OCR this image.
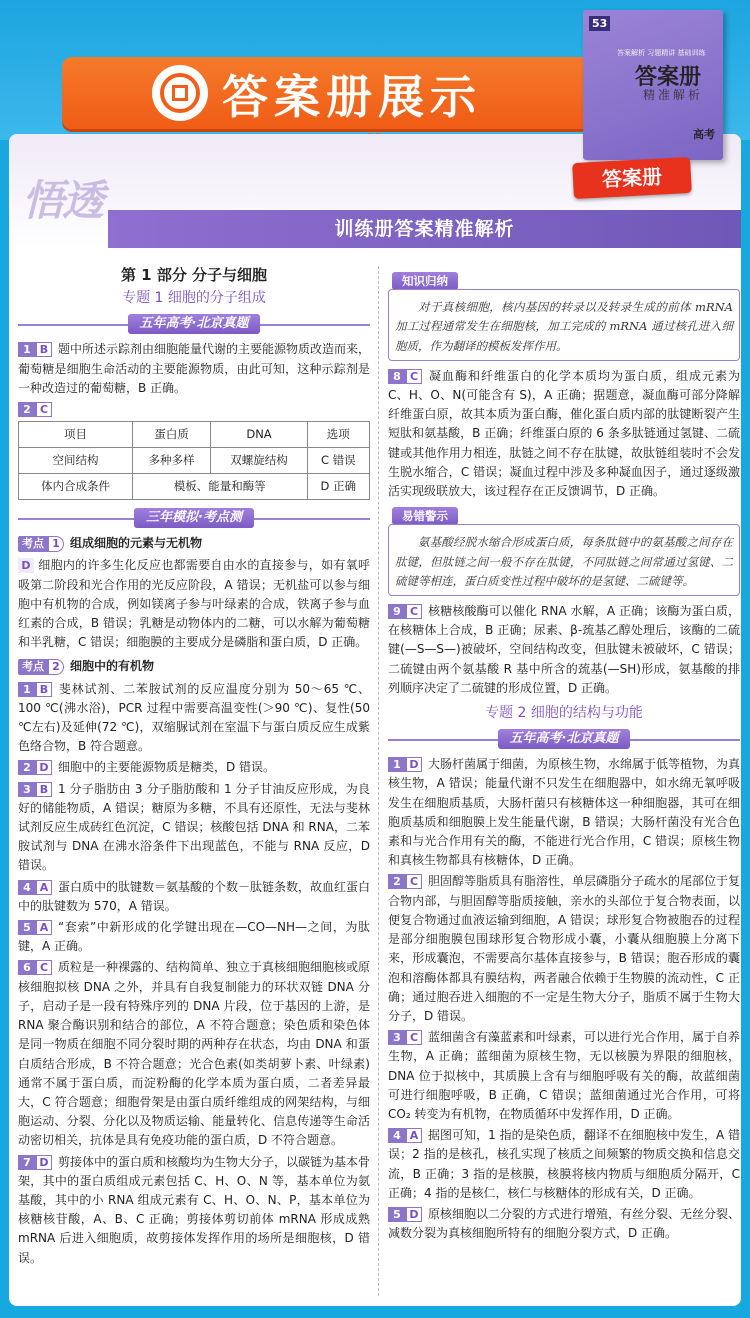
答案册展示
悟透
训练册答案精准解析
53
答案解析 习题精讲 基础训练
答案册
精准解析
高考
答案册
第 1 部分 分子与细胞
专题 1 细胞的分子组成
五年高考·北京真题
1 B 题中所述示踪剂由细胞能量代谢的主要能源物质改造而来，葡萄糖是细胞生命活动的主要能源物质，由此可知，这种示踪剂是一种改造过的葡萄糖，B 正确。
2 C
项目	蛋白质	DNA	选项
空间结构	多种多样	双螺旋结构	C 错误
体内合成条件	模板、能量和酶等		D 正确
三年模拟·考点测
考点 1 组成细胞的元素与无机物
D 细胞内的许多生化反应也都需要自由水的直接参与，如有氧呼吸第二阶段和光合作用的光反应阶段，A 错误；无机盐可以参与细胞中有机物的合成，例如镁离子参与叶绿素的合成，铁离子参与血红素的合成，B 错误；乳糖是动物体内的二糖，可以水解为葡萄糖和半乳糖，C 错误；细胞膜的主要成分是磷脂和蛋白质，D 正确。
考点 2 细胞中的有机物
1 B 斐林试剂、二苯胺试剂的反应温度分别为 50～65 ℃、100 ℃(沸水浴)，PCR 过程中需要高温变性(＞90 ℃)、复性(50 ℃左右)及延伸(72 ℃)，双缩脲试剂在室温下与蛋白质反应生成紫色络合物，B 符合题意。
2 D 细胞中的主要能源物质是糖类，D 错误。
3 B 1 分子脂肪由 3 分子脂肪酸和 1 分子甘油反应形成，为良好的储能物质，A 错误；糖原为多糖，不具有还原性，无法与斐林试剂反应生成砖红色沉淀，C 错误；核酸包括 DNA 和 RNA，二苯胺试剂与 DNA 在沸水浴条件下出现蓝色，不能与 RNA 反应，D 错误。
4 A 蛋白质中的肽键数＝氨基酸的个数－肽链条数，故血红蛋白中的肽键数为 570，A 错误。
5 A “套索”中新形成的化学键出现在—CO—NH—之间，为肽键，A 正确。
6 C 质粒是一种裸露的、结构简单、独立于真核细胞细胞核或原核细胞拟核 DNA 之外，并具有自我复制能力的环状双链 DNA 分子，启动子是一段有特殊序列的 DNA 片段，位于基因的上游，是 RNA 聚合酶识别和结合的部位，A 不符合题意；染色质和染色体是同一物质在细胞不同分裂时期的两种存在状态，均由 DNA 和蛋白质结合形成，B 不符合题意；光合色素(如类胡萝卜素、叶绿素)通常不属于蛋白质，而淀粉酶的化学本质为蛋白质，二者差异最大，C 符合题意；细胞骨架是由蛋白质纤维组成的网架结构，与细胞运动、分裂、分化以及物质运输、能量转化、信息传递等生命活动密切相关，抗体是具有免疫功能的蛋白质，D 不符合题意。
7 D 剪接体中的蛋白质和核酸均为生物大分子，以碳链为基本骨架，其中的蛋白质组成元素包括 C、H、O、N 等，基本单位为氨基酸，其中的小 RNA 组成元素有 C、H、O、N、P，基本单位为核糖核苷酸，A、B、C 正确；剪接体剪切前体 mRNA 形成成熟 mRNA 后进入细胞质，故剪接体发挥作用的场所是细胞核，D 错误。
知识归纳
对于真核细胞，核内基因的转录以及转录生成的前体 mRNA 加工过程通常发生在细胞核，加工完成的 mRNA 通过核孔进入细胞质，作为翻译的模板发挥作用。
8 C 凝血酶和纤维蛋白的化学本质均为蛋白质，组成元素为 C、H、O、N(可能含有 S)，A 正确；据题意，凝血酶可部分降解纤维蛋白原，故其本质为蛋白酶，催化蛋白质内部的肽键断裂产生短肽和氨基酸，B 正确；纤维蛋白原的 6 条多肽链通过氢键、二硫键或其他作用力相连，肽链之间不存在肽键，故肽链组装时不会发生脱水缩合，C 错误；凝血过程中涉及多种凝血因子，通过逐级激活实现级联放大，该过程存在正反馈调节，D 正确。
易错警示
氨基酸经脱水缩合形成蛋白质，每条肽链中的氨基酸之间存在肽键，但肽链之间一般不存在肽键，不同肽链之间常通过氢键、二硫键等相连，蛋白质变性过程中破坏的是氢键、二硫键等。
9 C 核糖核酸酶可以催化 RNA 水解，A 正确；该酶为蛋白质，在核糖体上合成，B 正确；尿素、β-巯基乙醇处理后，该酶的二硫键(—S—S—)被破坏，空间结构改变，但肽键未被破坏，C 错误；二硫键由两个氨基酸 R 基中所含的巯基(—SH)形成，氨基酸的排列顺序决定了二硫键的形成位置，D 正确。
专题 2 细胞的结构与功能
五年高考·北京真题
1 D 大肠杆菌属于细菌，为原核生物，水绵属于低等植物，为真核生物，A 错误；能量代谢不只发生在细胞器中，如水绵无氧呼吸发生在细胞质基质，大肠杆菌只有核糖体这一种细胞器，其可在细胞质基质和细胞膜上发生能量代谢，B 错误；大肠杆菌没有光合色素和与光合作用有关的酶，不能进行光合作用，C 错误；原核生物和真核生物都具有核糖体，D 正确。
2 C 胆固醇等脂质具有脂溶性，单层磷脂分子疏水的尾部位于复合物内部，与胆固醇等脂质接触，亲水的头部位于复合物表面，以便复合物通过血液运输到细胞，A 错误；球形复合物被胞吞的过程是部分细胞膜包围球形复合物形成小囊，小囊从细胞膜上分离下来，形成囊泡，不需要高尔基体直接参与，B 错误；胞吞形成的囊泡和溶酶体都具有膜结构，两者融合依赖于生物膜的流动性，C 正确；通过胞吞进入细胞的不一定是生物大分子，脂质不属于生物大分子，D 错误。
3 C 蓝细菌含有藻蓝素和叶绿素，可以进行光合作用，属于自养生物，A 正确；蓝细菌为原核生物，无以核膜为界限的细胞核，DNA 位于拟核中，其质膜上含有与细胞呼吸有关的酶，故蓝细菌可进行细胞呼吸，B 正确，C 错误；蓝细菌通过光合作用，可将 CO₂ 转变为有机物，在物质循环中发挥作用，D 正确。
4 A 据图可知，1 指的是染色质，翻译不在细胞核中发生，A 错误；2 指的是核孔，核孔实现了核质之间频繁的物质交换和信息交流，B 正确；3 指的是核膜，核膜将核内物质与细胞质分隔开，C 正确；4 指的是核仁，核仁与核糖体的形成有关，D 正确。
5 D 原核细胞以二分裂的方式进行增殖，有丝分裂、无丝分裂、减数分裂为真核细胞所特有的细胞分裂方式，D 正确。
